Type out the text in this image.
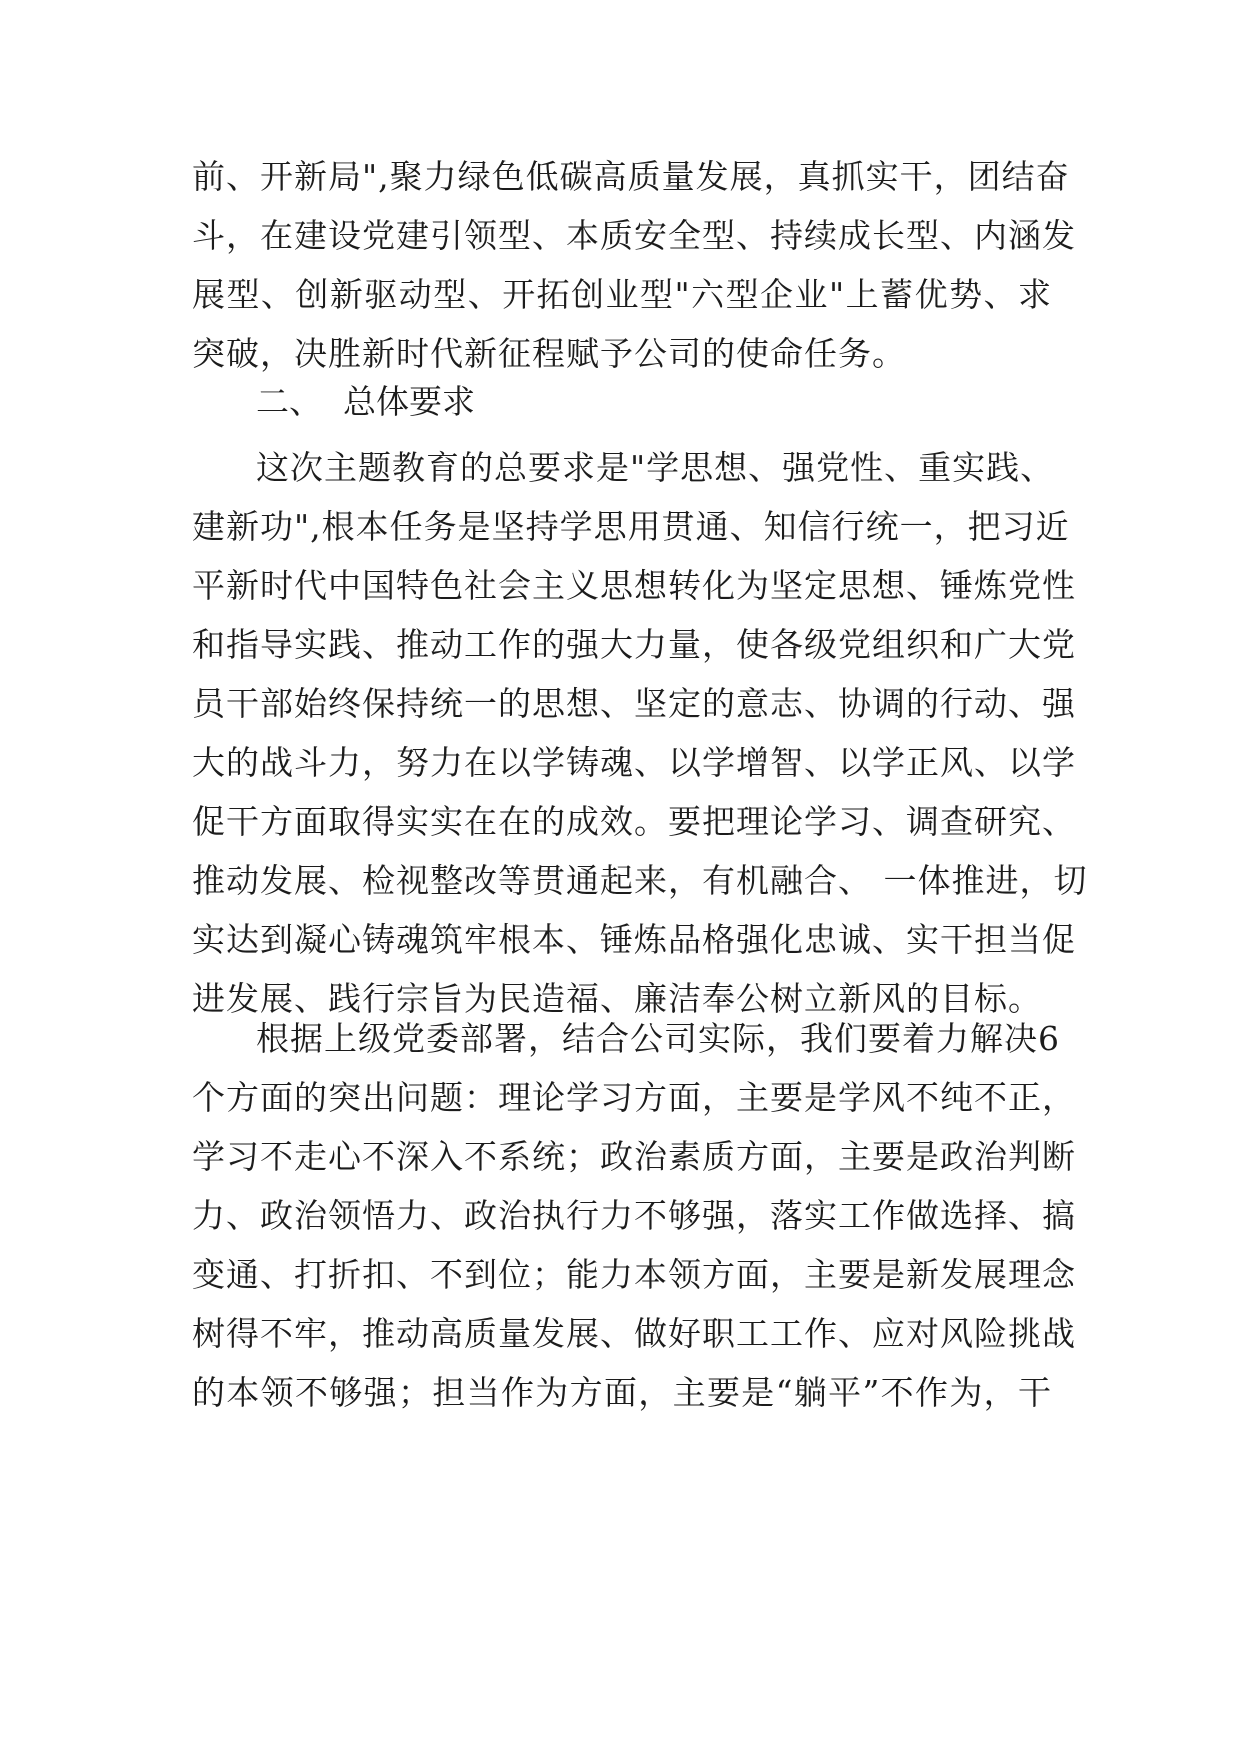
前、开新局",聚力绿色低碳高质量发展，真抓实干，团结奋
斗，在建设党建引领型、本质安全型、持续成长型、内涵发
展型、创新驱动型、开拓创业型"六型企业"上蓄优势、求
突破，决胜新时代新征程赋予公司的使命任务。
二、  总体要求
这次主题教育的总要求是"学思想、强党性、重实践、
建新功",根本任务是坚持学思用贯通、知信行统一，把习近
平新时代中国特色社会主义思想转化为坚定思想、锤炼党性
和指导实践、推动工作的强大力量，使各级党组织和广大党
员干部始终保持统一的思想、坚定的意志、协调的行动、强
大的战斗力，努力在以学铸魂、以学增智、以学正风、以学
促干方面取得实实在在的成效。要把理论学习、调查研究、
推动发展、检视整改等贯通起来，有机融合、 一体推进，切
实达到凝心铸魂筑牢根本、锤炼品格强化忠诚、实干担当促
进发展、践行宗旨为民造福、廉洁奉公树立新风的目标。
根据上级党委部署，结合公司实际，我们要着力解决6
个方面的突出问题：理论学习方面，主要是学风不纯不正，
学习不走心不深入不系统；政治素质方面，主要是政治判断
力、政治领悟力、政治执行力不够强，落实工作做选择、搞
变通、打折扣、不到位；能力本领方面，主要是新发展理念
树得不牢，推动高质量发展、做好职工工作、应对风险挑战
的本领不够强；担当作为方面，主要是“躺平”不作为，干
